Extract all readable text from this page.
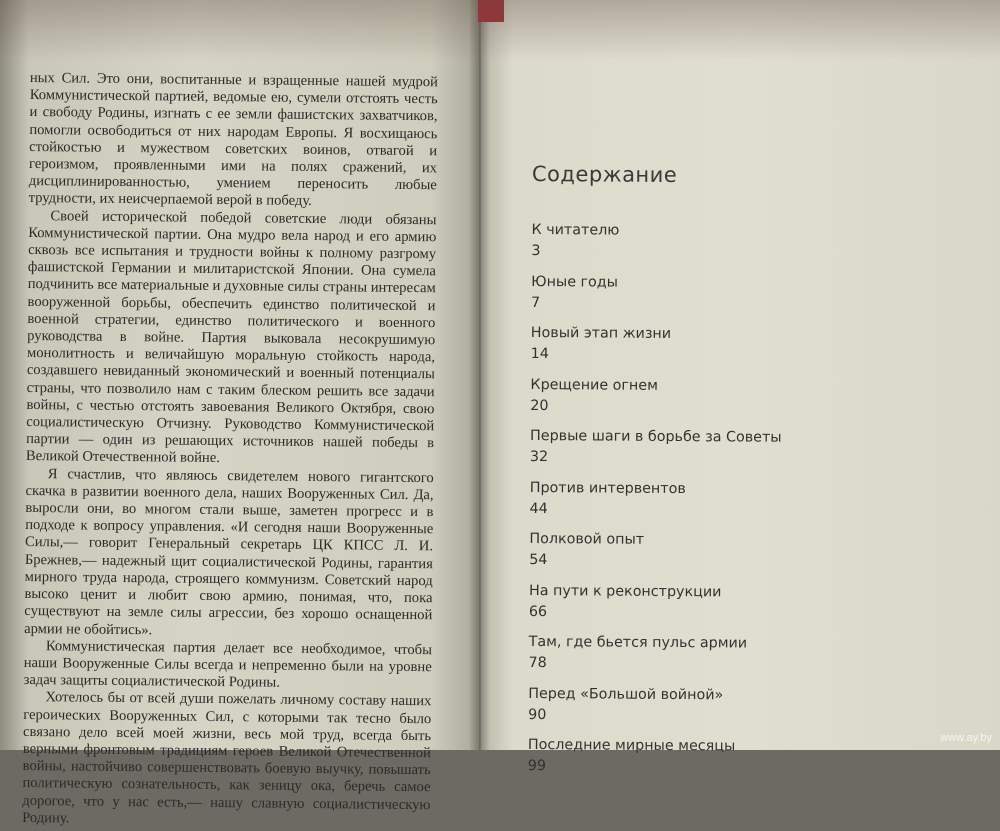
ных Сил. Это они, воспитанные и взращенные нашей мудрой Коммунистической партией, ведомые ею, сумели отстоять честь и свободу Родины, изгнать с ее земли фашистских захватчиков, помогли освободиться от них народам Европы. Я восхищаюсь стойкостью и мужеством советских воинов, отвагой и героизмом, проявленными ими на полях сражений, их дисциплинированностью, умением переносить любые трудности, их неисчерпаемой верой в победу.

Своей исторической победой советские люди обязаны Коммунистической партии. Она мудро вела народ и его армию сквозь все испытания и трудности войны к полному разгрому фашистской Германии и милитаристской Японии. Она сумела подчинить все материальные и духовные силы страны интересам вооруженной борьбы, обеспечить единство политической и военной стратегии, единство политического и военного руководства в войне. Партия выковала несокрушимую монолитность и величайшую моральную стойкость народа, создавшего невиданный экономический и военный потенциалы страны, что позволило нам с таким блеском решить все задачи войны, с честью отстоять завоевания Великого Октября, свою социалистическую Отчизну. Руководство Коммунистической партии — один из решающих источников нашей победы в Великой Отечественной войне.

Я счастлив, что являюсь свидетелем нового гигантского скачка в развитии военного дела, наших Вооруженных Сил. Да, выросли они, во многом стали выше, заметен прогресс и в подходе к вопросу управления. «И сегодня наши Вооруженные Силы,— говорит Генеральный секретарь ЦК КПСС Л. И. Брежнев,— надежный щит социалистической Родины, гарантия мирного труда народа, строящего коммунизм. Советский народ высоко ценит и любит свою армию, понимая, что, пока существуют на земле силы агрессии, без хорошо оснащенной армии не обойтись».

Коммунистическая партия делает все необходимое, чтобы наши Вооруженные Силы всегда и непременно были на уровне задач защиты социалистической Родины.

Хотелось бы от всей души пожелать личному составу наших героических Вооруженных Сил, с которыми так тесно было связано дело всей моей жизни, весь мой труд, всегда быть верными фронтовым традициям героев Великой Отечественной войны, настойчиво совершенствовать боевую выучку, повышать политическую сознательность, как зеницу ока, беречь самое дорогое, что у нас есть,— нашу славную социалистическую Родину.

Содержание
К читателю
3
Юные годы
7
Новый этап жизни
14
Крещение огнем
20
Первые шаги в борьбе за Советы
32
Против интервентов
44
Полковой опыт
54
На пути к реконструкции
66
Там, где бьется пульс армии
78
Перед «Большой войной»
90
Последние мирные месяцы
99
www.ay.by
